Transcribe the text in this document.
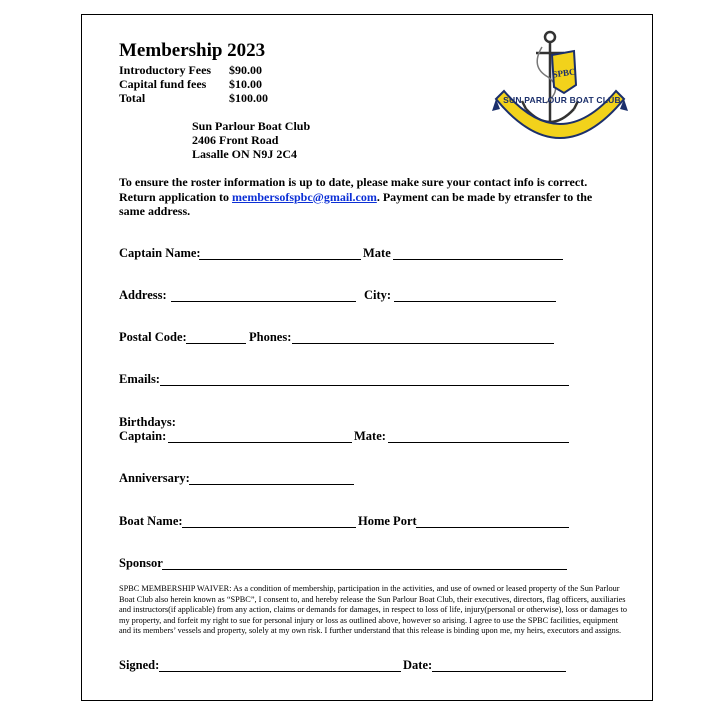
Membership 2023
Introductory Fees $90.00
Capital fund fees $10.00
Total	$100.00
Sun Parlour Boat Club
2406 Front Road
Lasalle ON N9J 2C4
SPBC
SUN PARLOUR BOAT CLUB
To ensure the roster information is up to date, please make sure your contact info is correct.
Return application to membersofspbc@gmail.com. Payment can be made by etransfer to the same address.
Captain Name:	Mate
Address:	City:
Postal Code:	Phones:
Emails:
Birthdays:
Captain:	Mate:
Anniversary:
Boat Name:	Home Port
Sponsor
SPBC MEMBERSHIP WAIVER: As a condition of membership, participation in the activities, and use of owned or leased property of the Sun Parlour Boat Club also herein known as “SPBC”, I consent to, and hereby release the Sun Parlour Boat Club, their executives, directors, flag officers, auxiliaries and instructors(if applicable) from any action, claims or demands for damages, in respect to loss of life, injury(personal or otherwise), loss or damages to my property, and forfeit my right to sue for personal injury or loss as outlined above, however so arising. I agree to use the SPBC facilities, equipment and its members’ vessels and property, solely at my own risk. I further understand that this release is binding upon me, my heirs, executors and assigns.
Signed:	Date:
